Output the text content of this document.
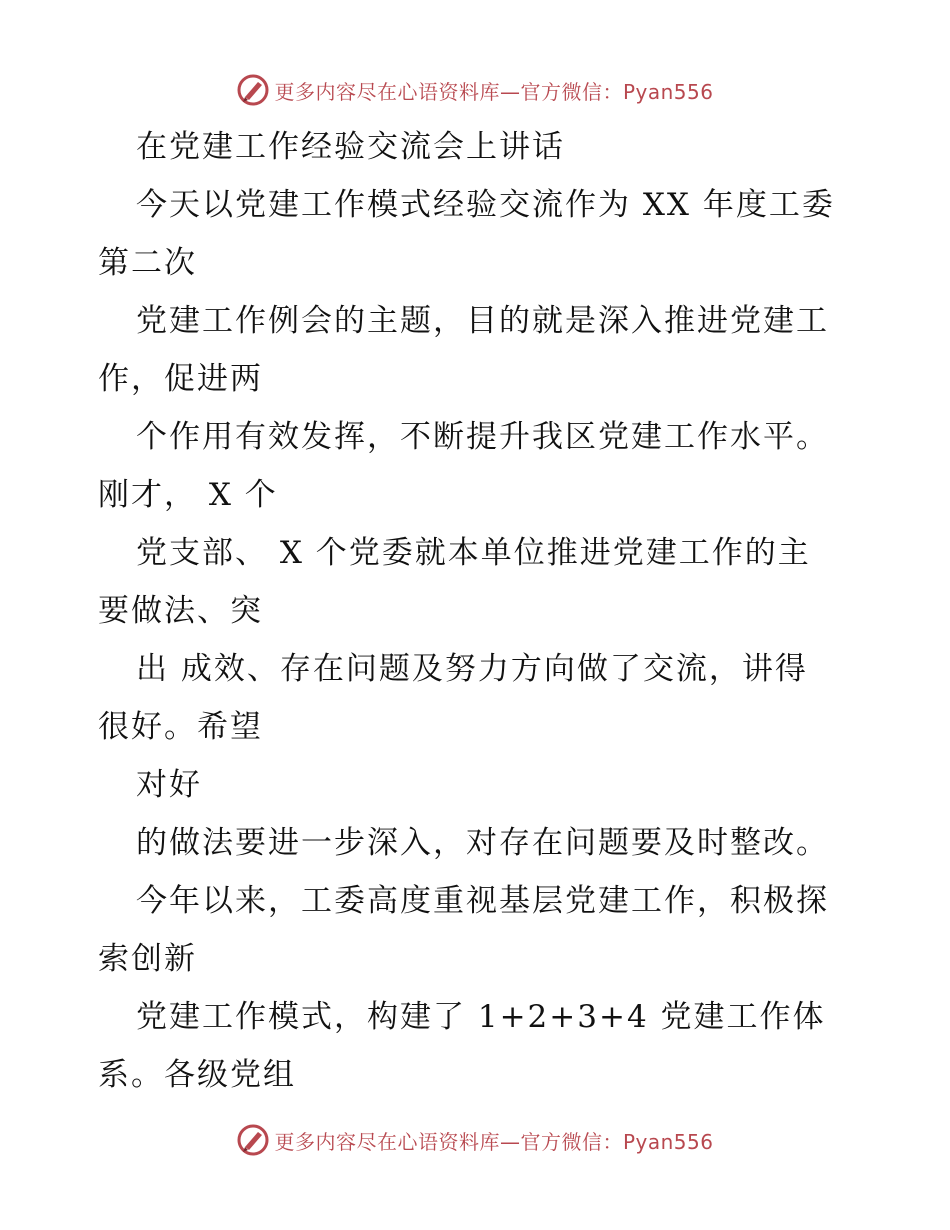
更多内容尽在心语资料库—官方微信：Pyan556
在党建工作经验交流会上讲话
今天以党建工作模式经验交流作为 XX 年度工委
第二次
党建工作例会的主题，目的就是深入推进党建工
作，促进两
个作用有效发挥，不断提升我区党建工作水平。
刚才， X 个
党支部、 X 个党委就本单位推进党建工作的主
要做法、突
出 成效、存在问题及努力方向做了交流，讲得
很好。希望
对好
的做法要进一步深入，对存在问题要及时整改。
今年以来，工委高度重视基层党建工作，积极探
索创新
党建工作模式，构建了 1+2+3+4 党建工作体
系。各级党组
更多内容尽在心语资料库—官方微信：Pyan556
